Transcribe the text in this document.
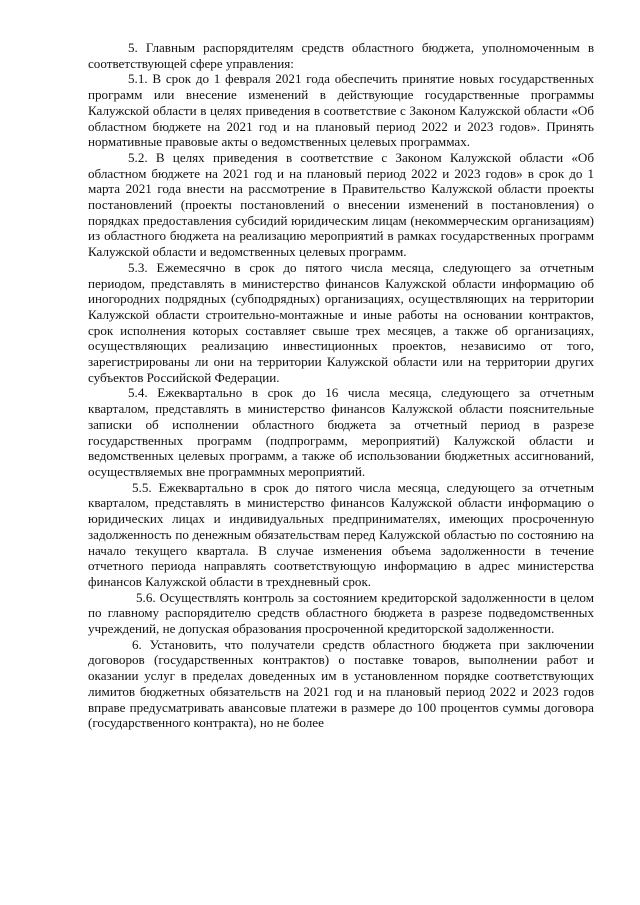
5. Главным распорядителям средств областного бюджета, уполномоченным в соответствующей сфере управления:

5.1. В срок до 1 февраля 2021 года обеспечить принятие новых государственных программ или внесение изменений в действующие государственные программы Калужской области в целях приведения в соответствие с Законом Калужской области «Об областном бюджете на 2021 год и на плановый период 2022 и 2023 годов». Принять нормативные правовые акты о ведомственных целевых программах.

5.2. В целях приведения в соответствие с Законом Калужской области «Об областном бюджете на 2021 год и на плановый период 2022 и 2023 годов» в срок до 1 марта 2021 года внести на рассмотрение в Правительство Калужской области проекты постановлений (проекты постановлений о внесении изменений в постановления) о порядках предоставления субсидий юридическим лицам (некоммерческим организациям) из областного бюджета на реализацию мероприятий в рамках государственных программ Калужской области и ведомственных целевых программ.

5.3. Ежемесячно в срок до пятого числа месяца, следующего за отчетным периодом, представлять в министерство финансов Калужской области информацию об иногородних подрядных (субподрядных) организациях, осуществляющих на территории Калужской области строительно-монтажные и иные работы на основании контрактов, срок исполнения которых составляет свыше трех месяцев, а также об организациях, осуществляющих реализацию инвестиционных проектов, независимо от того, зарегистрированы ли они на территории Калужской области или на территории других субъектов Российской Федерации.

5.4. Ежеквартально в срок до 16 числа месяца, следующего за отчетным кварталом, представлять в министерство финансов Калужской области пояснительные записки об исполнении областного бюджета за отчетный период в разрезе государственных программ (подпрограмм, мероприятий) Калужской области и ведомственных целевых программ, а также об использовании бюджетных ассигнований, осуществляемых вне программных мероприятий.

5.5. Ежеквартально в срок до пятого числа месяца, следующего за отчетным кварталом, представлять в министерство финансов Калужской области информацию о юридических лицах и индивидуальных предпринимателях, имеющих просроченную задолженность по денежным обязательствам перед Калужской областью по состоянию на начало текущего квартала. В случае изменения объема задолженности в течение отчетного периода направлять соответствующую информацию в адрес министерства финансов Калужской области в трехдневный срок.

5.6. Осуществлять контроль за состоянием кредиторской задолженности в целом по главному распорядителю средств областного бюджета в разрезе подведомственных учреждений, не допуская образования просроченной кредиторской задолженности.

6. Установить, что получатели средств областного бюджета при заключении договоров (государственных контрактов) о поставке товаров, выполнении работ и оказании услуг в пределах доведенных им в установленном порядке соответствующих лимитов бюджетных обязательств на 2021 год и на плановый период 2022 и 2023 годов вправе предусматривать авансовые платежи в размере до 100 процентов суммы договора (государственного контракта), но не более
